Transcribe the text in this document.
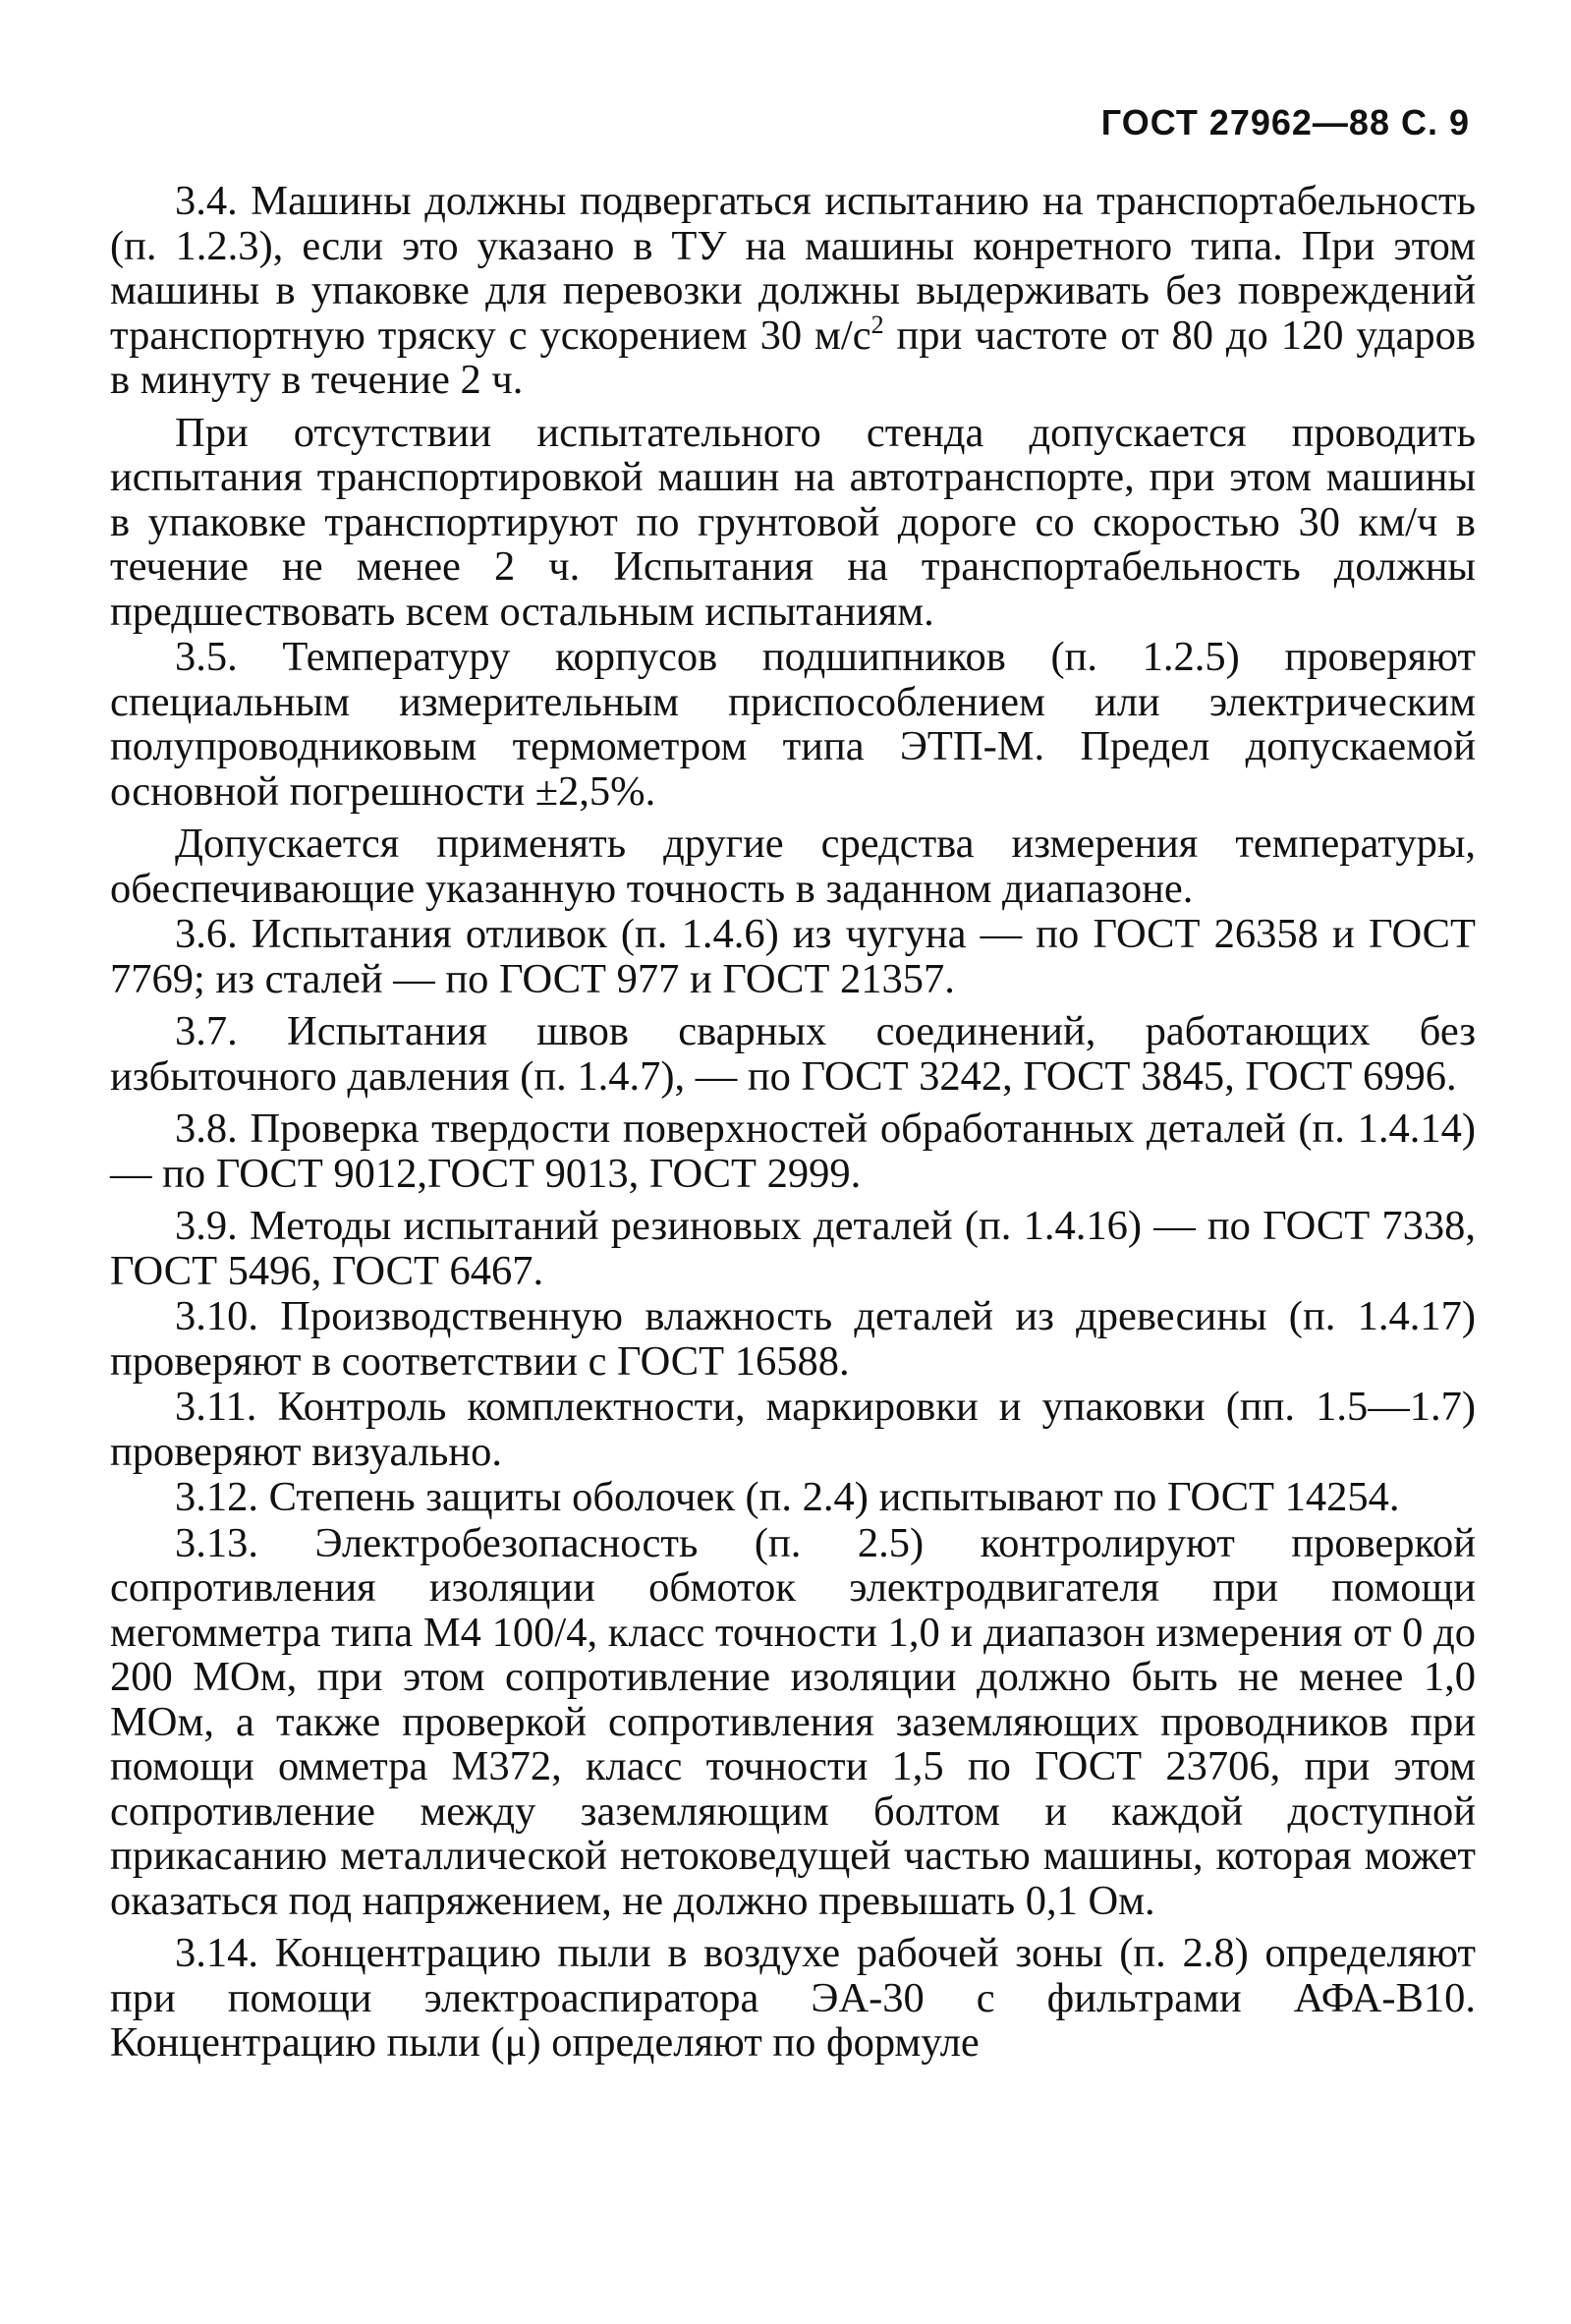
ГОСТ 27962—88 С. 9

3.4. Машины должны подвергаться испытанию на транспортабельность (п. 1.2.3), если это указано в ТУ на машины конретного типа. При этом машины в упаковке для перевозки должны выдерживать без повреждений транспортную тряску с ускорением 30 $м/с^2$ при частоте от 80 до 120 ударов в минуту в течение 2 ч.

При отсутствии испытательного стенда допускается проводить испытания транспортировкой машин на автотранспорте, при этом машины в упаковке транспортируют по грунтовой дороге со скоростью 30 км/ч в течение не менее 2 ч. Испытания на транспортабельность должны предшествовать всем остальным испытаниям.

3.5. Температуру корпусов подшипников (п. 1.2.5) проверяют специальным измерительным приспособлением или электрическим полупроводниковым термометром типа ЭТП-М. Предел допускаемой основной погрешности ±2,5%.

Допускается применять другие средства измерения температуры, обеспечивающие указанную точность в заданном диапазоне.

3.6. Испытания отливок (п. 1.4.6) из чугуна — по ГОСТ 26358 и ГОСТ 7769; из сталей — по ГОСТ 977 и ГОСТ 21357.

3.7. Испытания швов сварных соединений, работающих без избыточного давления (п. 1.4.7), — по ГОСТ 3242, ГОСТ 3845, ГОСТ 6996.

3.8. Проверка твердости поверхностей обработанных деталей (п. 1.4.14) — по ГОСТ 9012,ГОСТ 9013, ГОСТ 2999.

3.9. Методы испытаний резиновых деталей (п. 1.4.16) — по ГОСТ 7338, ГОСТ 5496, ГОСТ 6467.

3.10. Производственную влажность деталей из древесины (п. 1.4.17) проверяют в соответствии с ГОСТ 16588.

3.11. Контроль комплектности, маркировки и упаковки (пп. 1.5—1.7) проверяют визуально.

3.12. Степень защиты оболочек (п. 2.4) испытывают по ГОСТ 14254.

3.13. Электробезопасность (п. 2.5) контролируют проверкой сопротивления изоляции обмоток электродвигателя при помощи мегомметра типа М4 100/4, класс точности 1,0 и диапазон измерения от 0 до 200 МОм, при этом сопротивление изоляции должно быть не менее 1,0 МОм, а также проверкой сопротивления заземляющих проводников при помощи омметра М372, класс точности 1,5 по ГОСТ 23706, при этом сопротивление между заземляющим болтом и каждой доступной прикасанию металлической нетоковедущей частью машины, которая может оказаться под напряжением, не должно превышать 0,1 Ом.

3.14. Концентрацию пыли в воздухе рабочей зоны (п. 2.8) определяют при помощи электроаспиратора ЭА-30 с фильтрами АФА-В10. Концентрацию пыли (μ) определяют по формуле
